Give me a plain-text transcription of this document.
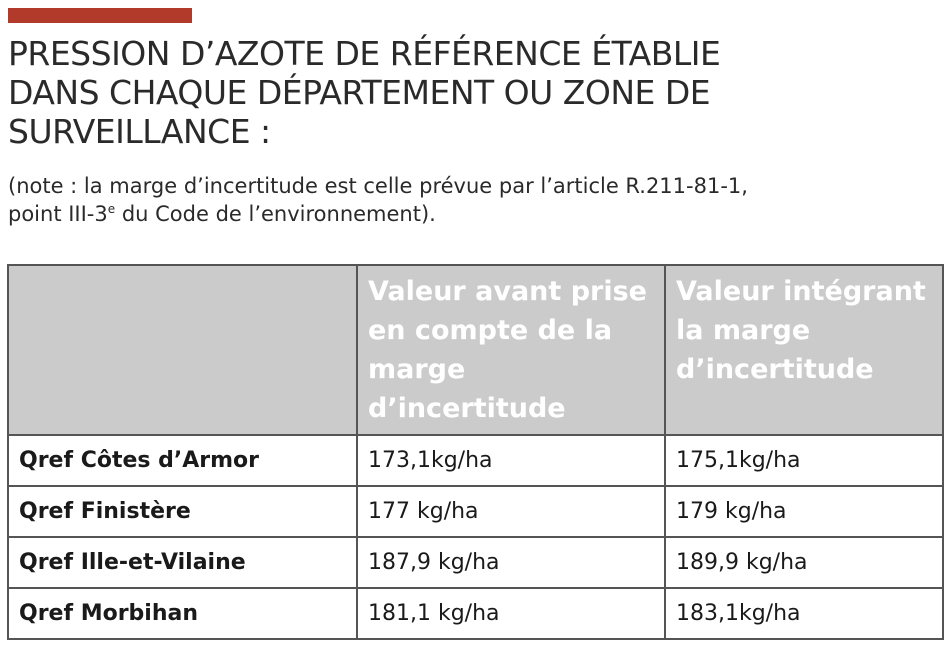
PRESSION D’AZOTE DE RÉFÉRENCE ÉTABLIE
DANS CHAQUE DÉPARTEMENT OU ZONE DE
SURVEILLANCE :

(note : la marge d’incertitude est celle prévue par l’article R.211-81-1,
point III-3e du Code de l’environnement).

	Valeur avant prise en compte de la marge d’incertitude	Valeur intégrant la marge d’incertitude
Qref Côtes d’Armor	173,1kg/ha	175,1kg/ha
Qref Finistère	177 kg/ha	179 kg/ha
Qref Ille-et-Vilaine	187,9 kg/ha	189,9 kg/ha
Qref Morbihan	181,1 kg/ha	183,1kg/ha
